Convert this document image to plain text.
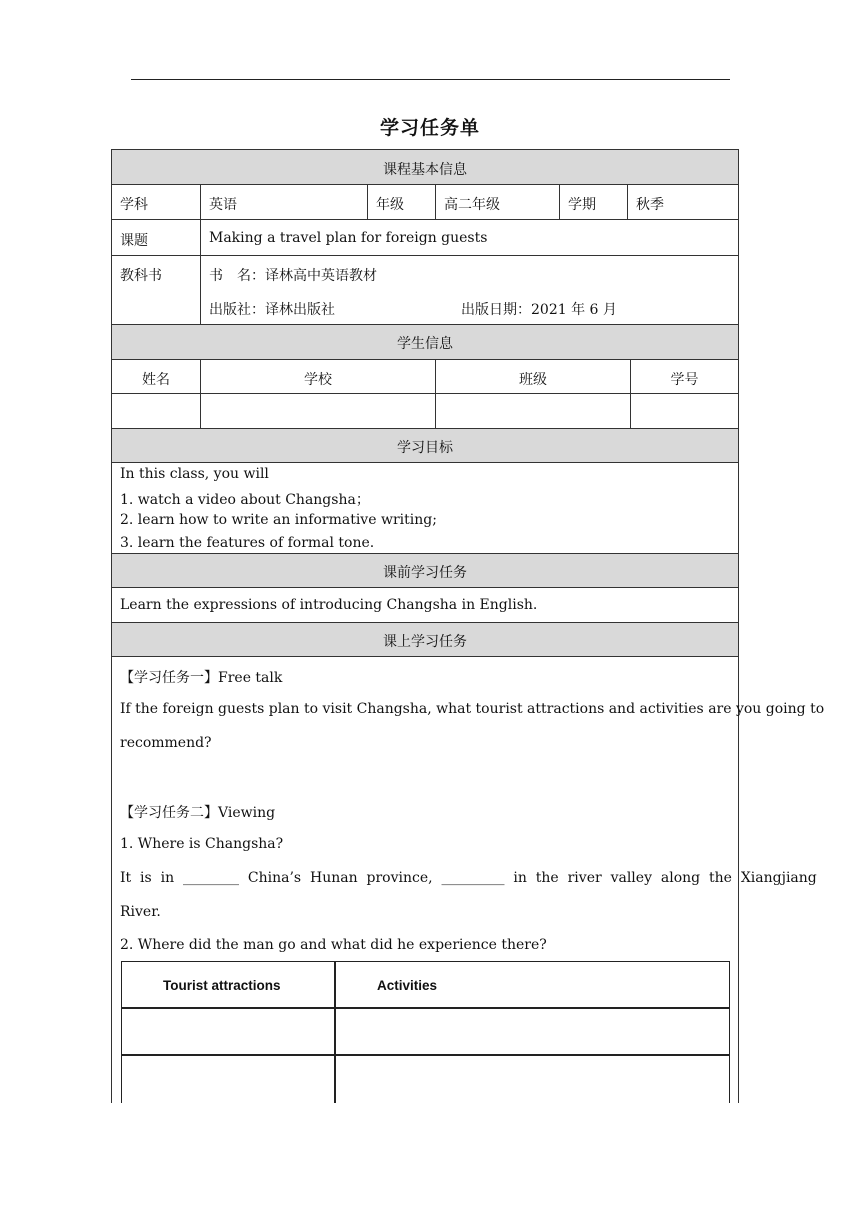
学习任务单
课程基本信息
学科	英语	年级	高二年级	学期	秋季
课题	Making a travel plan for foreign guests
教科书	书　名：译林高中英语教材
出版社：译林出版社	出版日期：2021 年 6 月
学生信息
姓名	学校	班级	学号
学习目标
In this class, you will
1. watch a video about Changsha；
2. learn how to write an informative writing;
3. learn the features of formal tone.
课前学习任务
Learn the expressions of introducing Changsha in English.
课上学习任务
【学习任务一】Free talk
If the foreign guests plan to visit Changsha, what tourist attractions and activities are you going to
recommend?
【学习任务二】Viewing
1. Where is Changsha?
It  is  in  ________  China’s  Hunan  province,  _________  in  the  river  valley  along  the  Xiangjiang
River.
2. Where did the man go and what did he experience there?
Tourist attractions	Activities
